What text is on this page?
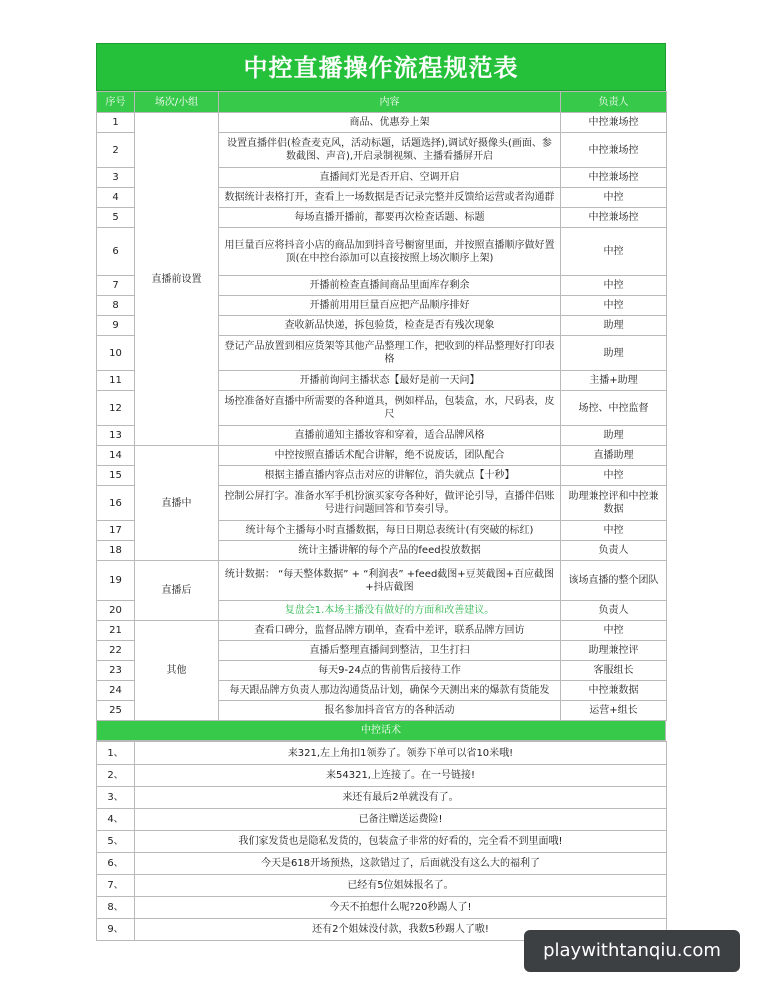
中控直播操作流程规范表
序号	场次/小组	内容	负责人
1	直播前设置	商品、优惠券上架	中控兼场控
2		设置直播伴侣(检查麦克风，活动标题，话题选择),调试好摄像头(画面、参数截图、声音),开启录制视频、主播看播屏开启	中控兼场控
3		直播间灯光是否开启、空调开启	中控兼场控
4		数据统计表格打开，查看上一场数据是否记录完整并反馈给运营或者沟通群	中控
5		每场直播开播前，都要再次检查话题、标题	中控兼场控
6		用巨量百应将抖音小店的商品加到抖音号橱窗里面，并按照直播顺序做好置顶(在中控台添加可以直接按照上场次顺序上架)	中控
7		开播前检查直播间商品里面库存剩余	中控
8		开播前用用巨量百应把产品顺序排好	中控
9		查收新品快递，拆包验货，检查是否有残次现象	助理
10		登记产品放置到相应货架等其他产品整理工作，把收到的样品整理好打印表格	助理
11		开播前询问主播状态【最好是前一天问】	主播+助理
12		场控准备好直播中所需要的各种道具，例如样品，包装盒，水，尺码表，皮尺	场控、中控监督
13		直播前通知主播妆容和穿着，适合品牌风格	助理
14	直播中	中控按照直播话术配合讲解，绝不说废话，团队配合	直播助理
15		根据主播直播内容点击对应的讲解位，消失就点【十秒】	中控
16		控制公屏打字。准备水军手机扮演买家夸各种好，做评论引导，直播伴侣账号进行问题回答和节奏引导。	助理兼控评和中控兼数据
17		统计每个主播每小时直播数据，每日日期总表统计(有突破的标红)	中控
18		统计主播讲解的每个产品的feed投放数据	负责人
19	直播后	统计数据： “每天整体数据” + “利润表” +feed截图+豆荚截图+百应截图+抖店截图	该场直播的整个团队
20		复盘会1.本场主播没有做好的方面和改善建议。	负责人
21	其他	查看口碑分，监督品牌方刷单，查看中差评，联系品牌方回访	中控
22		直播后整理直播间到整洁，卫生打扫	助理兼控评
23		每天9-24点的售前售后接待工作	客服组长
24		每天跟品牌方负责人那边沟通货品计划，确保今天测出来的爆款有货能发	中控兼数据
25		报名参加抖音官方的各种活动	运营+组长
中控话术
1、	来321,左上角扣1领券了。领券下单可以省10米哦!
2、	来54321,上连接了。在一号链接!
3、	来还有最后2单就没有了。
4、	已备注赠送运费险!
5、	我们家发货也是隐私发货的，包装盒子非常的好看的，完全看不到里面哦!
6、	今天是618开场预热，这款错过了，后面就没有这么大的福利了
7、	已经有5位姐妹报名了。
8、	今天不拍想什么呢?20秒踢人了!
9、	还有2个姐妹没付款，我数5秒踢人了嗷!
playwithtanqiu.com
